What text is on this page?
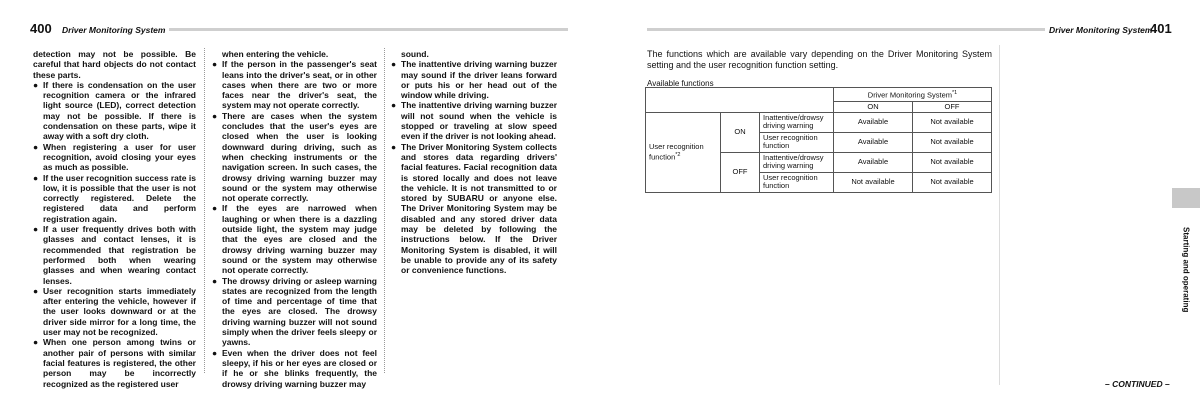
400 Driver Monitoring System	Driver Monitoring System
401

detection may not be possible. Be careful that hard objects do not contact these parts.

● If there is condensation on the user recognition camera or the infrared light source (LED), correct detection may not be possible. If there is condensation on these parts, wipe it away with a soft dry cloth.
● When registering a user for user recognition, avoid closing your eyes as much as possible.
● If the user recognition success rate is low, it is possible that the user is not correctly registered. Delete the registered data and perform registration again.
● If a user frequently drives both with glasses and contact lenses, it is recommended that registration be performed both when wearing glasses and when wearing contact lenses.
● User recognition starts immediately after entering the vehicle, however if the user looks downward or at the driver side mirror for a long time, the user may not be recognized.
● When one person among twins or another pair of persons with similar facial features is registered, the other person may be incorrectly recognized as the registered user

when entering the vehicle.

● If the person in the passenger's seat leans into the driver's seat, or in other cases when there are two or more faces near the driver's seat, the system may not operate correctly.
● There are cases when the system concludes that the user's eyes are closed when the user is looking downward during driving, such as when checking instruments or the navigation screen. In such cases, the drowsy driving warning buzzer may sound or the system may otherwise not operate correctly.
● If the eyes are narrowed when laughing or when there is a dazzling outside light, the system may judge that the eyes are closed and the drowsy driving warning buzzer may sound or the system may otherwise not operate correctly.
● The drowsy driving or asleep warning states are recognized from the length of time and percentage of time that the eyes are closed. The drowsy driving warning buzzer will not sound simply when the driver feels sleepy or yawns.
● Even when the driver does not feel sleepy, if his or her eyes are closed or if he or she blinks frequently, the drowsy driving warning buzzer may

sound.

● The inattentive driving warning buzzer may sound if the driver leans forward or puts his or her head out of the window while driving.
● The inattentive driving warning buzzer will not sound when the vehicle is stopped or traveling at slow speed even if the driver is not looking ahead.
● The Driver Monitoring System collects and stores data regarding drivers' facial features. Facial recognition data is stored locally and does not leave the vehicle. It is not transmitted to or stored by SUBARU or anyone else. The Driver Monitoring System may be disabled and any stored driver data may be deleted by following the instructions below. If the Driver Monitoring System is disabled, it will be unable to provide any of its safety or convenience functions.
The functions which are available vary depending on the Driver Monitoring System setting and the user recognition function setting.
Available functions
			Driver Monitoring System$^{*1}$
			ON	OFF
User recognition function$^{*2}$	ON	Inattentive/drowsy driving warning	Available	Not available
		User recognition function	Available	Not available
	OFF	Inattentive/drowsy driving warning	Available	Not available
		User recognition function	Not available	Not available
Starting and operating
– CONTINUED –
